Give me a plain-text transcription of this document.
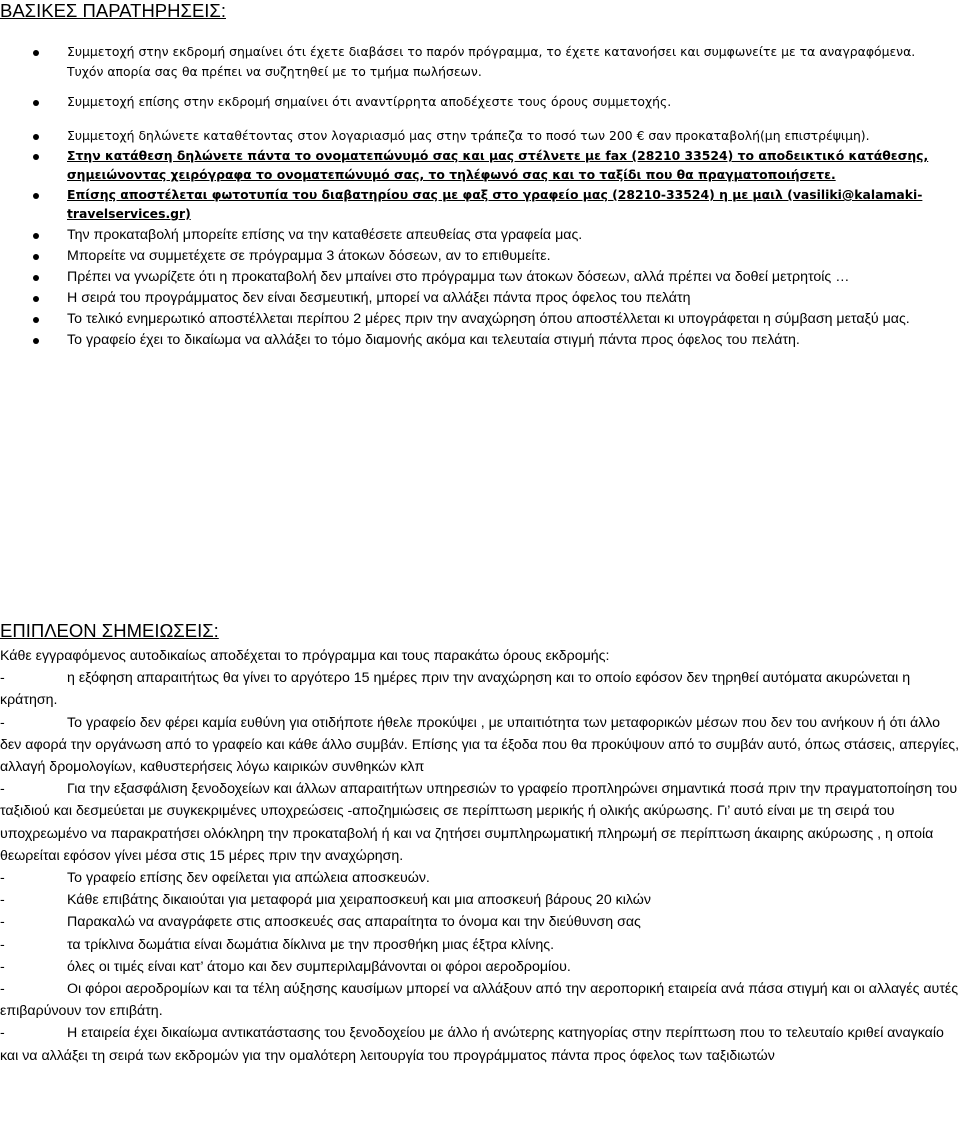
ΒΑΣΙΚΕΣ ΠΑΡΑΤΗΡΗΣΕΙΣ:
Συμμετοχή στην εκδρομή σημαίνει ότι έχετε διαβάσει το παρόν πρόγραμμα, το έχετε κατανοήσει και συμφωνείτε με τα αναγραφόμενα. Τυχόν απορία σας θα πρέπει να συζητηθεί με το τμήμα πωλήσεων.
Συμμετοχή επίσης στην εκδρομή σημαίνει ότι αναντίρρητα αποδέχεστε τους όρους συμμετοχής.
Συμμετοχή δηλώνετε καταθέτοντας στον λογαριασμό μας στην τράπεζα το ποσό των 200 € σαν προκαταβολή(μη επιστρέψιμη).
Στην κατάθεση δηλώνετε πάντα το ονοματεπώνυμό σας και μας στέλνετε με fax (28210 33524) το αποδεικτικό κατάθεσης, σημειώνοντας χειρόγραφα το ονοματεπώνυμό σας, το τηλέφωνό σας και το ταξίδι που θα πραγματοποιήσετε.
Επίσης αποστέλεται φωτοτυπία του διαβατηρίου σας με φαξ στο γραφείο μας (28210-33524) η με μαιλ (vasiliki@kalamaki-travelservices.gr)
Την προκαταβολή μπορείτε επίσης να την καταθέσετε απευθείας στα γραφεία μας.
Μπορείτε να συμμετέχετε σε πρόγραμμα 3 άτοκων δόσεων, αν το επιθυμείτε.
Πρέπει να γνωρίζετε ότι η προκαταβολή δεν μπαίνει στο πρόγραμμα των άτοκων δόσεων, αλλά πρέπει να δοθεί μετρητοίς …
Η σειρά του προγράμματος δεν είναι δεσμευτική, μπορεί να αλλάξει πάντα προς όφελος του πελάτη
Το τελικό ενημερωτικό αποστέλλεται περίπου 2 μέρες πριν την αναχώρηση όπου αποστέλλεται κι υπογράφεται η σύμβαση μεταξύ μας.
Το γραφείο έχει το δικαίωμα να αλλάξει το τόμο διαμονής ακόμα και τελευταία στιγμή πάντα προς όφελος του πελάτη.
ΕΠΙΠΛΕΟΝ ΣΗΜΕΙΩΣΕΙΣ:

Κάθε εγγραφόμενος αυτοδικαίως αποδέχεται το πρόγραμμα και τους παρακάτω όρους εκδρομής:

-	η εξόφηση απαραιτήτως θα γίνει το αργότερο 15 ημέρες πριν την αναχώρηση και το οποίο εφόσον δεν τηρηθεί αυτόματα ακυρώνεται η κράτηση.

-	Το γραφείο δεν φέρει καμία ευθύνη για οτιδήποτε ήθελε προκύψει , με υπαιτιότητα των μεταφορικών μέσων που δεν του ανήκουν ή ότι άλλο δεν αφορά την οργάνωση από το γραφείο και κάθε άλλο συμβάν. Επίσης για τα έξοδα που θα προκύψουν από το συμβάν αυτό, όπως στάσεις, απεργίες, αλλαγή δρομολογίων, καθυστερήσεις λόγω καιρικών συνθηκών κλπ

-	Για την εξασφάλιση ξενοδοχείων και άλλων απαραιτήτων υπηρεσιών το γραφείο προπληρώνει σημαντικά ποσά πριν την πραγματοποίηση του ταξιδιού και δεσμεύεται με συγκεκριμένες υποχρεώσεις -αποζημιώσεις σε περίπτωση μερικής ή ολικής ακύρωσης. Γι’ αυτό είναι με τη σειρά του υποχρεωμένο να παρακρατήσει ολόκληρη την προκαταβολή ή και να ζητήσει συμπληρωματική πληρωμή σε περίπτωση άκαιρης ακύρωσης , η οποία θεωρείται εφόσον γίνει μέσα στις 15 μέρες πριν την αναχώρηση.

-	Το γραφείο επίσης δεν οφείλεται για απώλεια αποσκευών.

-	Κάθε επιβάτης δικαιούται για μεταφορά μια χειραποσκευή και μια αποσκευή βάρους 20 κιλών

-	Παρακαλώ να αναγράφετε στις αποσκευές σας απαραίτητα το όνομα και την διεύθυνση σας

-	τα τρίκλινα δωμάτια είναι δωμάτια δίκλινα με την προσθήκη μιας έξτρα κλίνης.

-	όλες οι τιμές είναι κατ’ άτομο και δεν συμπεριλαμβάνονται οι φόροι αεροδρομίου.

-	Οι φόροι αεροδρομίων και τα τέλη αύξησης καυσίμων μπορεί να αλλάξουν από την αεροπορική εταιρεία ανά πάσα στιγμή και οι αλλαγές αυτές επιβαρύνουν τον επιβάτη.

-	Η εταιρεία έχει δικαίωμα αντικατάστασης του ξενοδοχείου με άλλο ή ανώτερης κατηγορίας στην περίπτωση που το τελευταίο κριθεί αναγκαίο και να αλλάξει τη σειρά των εκδρομών για την ομαλότερη λειτουργία του προγράμματος πάντα προς όφελος των ταξιδιωτών
